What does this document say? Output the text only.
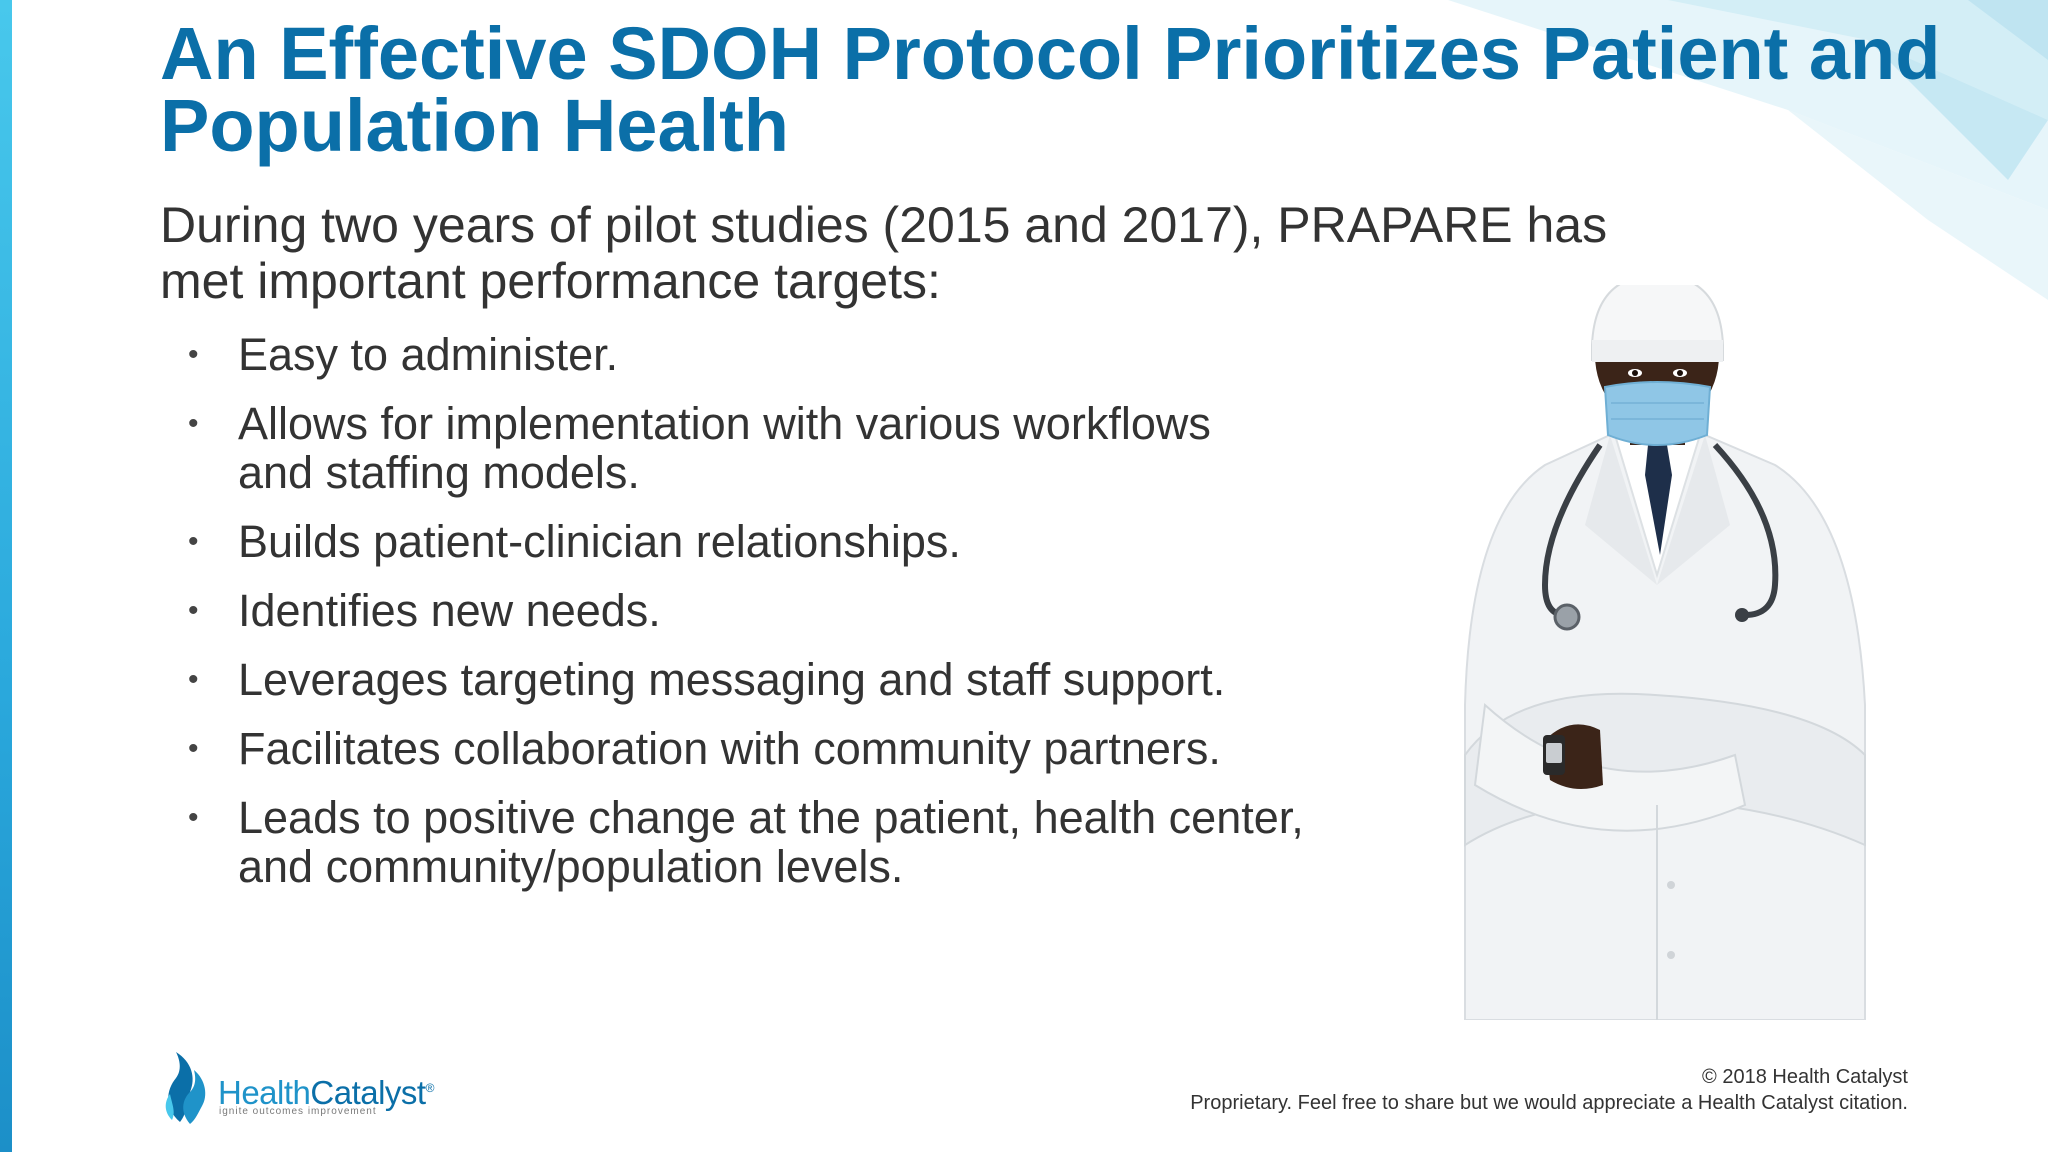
An Effective SDOH Protocol Prioritizes Patient and Population Health

During two years of pilot studies (2015 and 2017), PRAPARE has met important performance targets:

• Easy to administer.
• Allows for implementation with various workflows and staffing models.
• Builds patient-clinician relationships.
• Identifies new needs.
• Leverages targeting messaging and staff support.
• Facilitates collaboration with community partners.
• Leads to positive change at the patient, health center, and community/population levels.
HealthCatalyst®
ignite outcomes improvement
© 2018 Health Catalyst
Proprietary. Feel free to share but we would appreciate a Health Catalyst citation.
